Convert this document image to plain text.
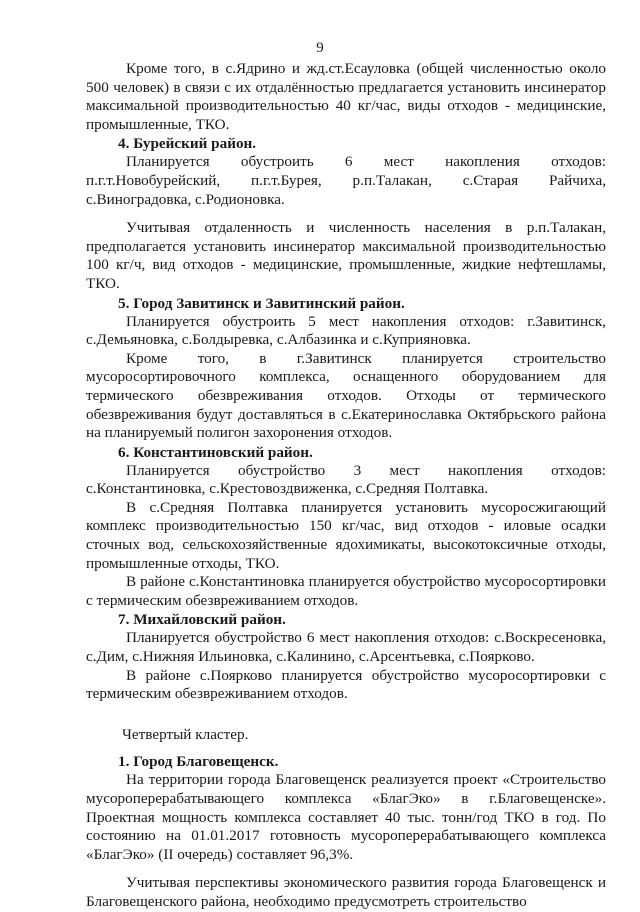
9

Кроме того, в с.Ядрино и жд.ст.Есауловка (общей численностью около 500 человек) в связи с их отдалённостью предлагается установить инсинератор максимальной производительностью 40 кг/час, виды отходов - медицинские, промышленные, ТКО.

4. Бурейский район.

Планируется обустроить 6 мест накопления отходов: п.г.т.Новобурейский, п.г.т.Бурея, р.п.Талакан, с.Старая Райчиха, с.Виноградовка, с.Родионовка.

Учитывая отдаленность и численность населения в р.п.Талакан, предполагается установить инсинератор максимальной производительностью 100 кг/ч, вид отходов - медицинские, промышленные, жидкие нефтешламы, ТКО.

5. Город Завитинск и Завитинский район.

Планируется обустроить 5 мест накопления отходов: г.Завитинск, с.Демьяновка, с.Болдыревка, с.Албазинка и с.Куприяновка.

Кроме того, в г.Завитинск планируется строительство мусоросортировочного комплекса, оснащенного оборудованием для термического обезвреживания отходов. Отходы от термического обезвреживания будут доставляться в с.Екатеринославка Октябрьского района на планируемый полигон захоронения отходов.

6. Константиновский район.

Планируется обустройство 3 мест накопления отходов: с.Константиновка, с.Крестовоздвиженка, с.Средняя Полтавка.

В с.Средняя Полтавка планируется установить мусоросжигающий комплекс производительностью 150 кг/час, вид отходов - иловые осадки сточных вод, сельскохозяйственные ядохимикаты, высокотоксичные отходы, промышленные отходы, ТКО.

В районе с.Константиновка планируется обустройство мусоросортировки с термическим обезвреживанием отходов.

7. Михайловский район.

Планируется обустройство 6 мест накопления отходов: с.Воскресеновка, с.Дим, с.Нижняя Ильиновка, с.Калинино, с.Арсентьевка, с.Поярково.

В районе с.Поярково планируется обустройство мусоросортировки с термическим обезвреживанием отходов.

Четвертый кластер.
1. Город Благовещенск.

На территории города Благовещенск реализуется проект «Строительство мусороперерабатывающего комплекса «БлагЭко» в г.Благовещенске». Проектная мощность комплекса составляет 40 тыс. тонн/год ТКО в год. По состоянию на 01.01.2017 готовность мусороперерабатывающего комплекса «БлагЭко» (II очередь) составляет 96,3%.

Учитывая перспективы экономического развития города Благовещенск и Благовещенского района, необходимо предусмотреть строительство
